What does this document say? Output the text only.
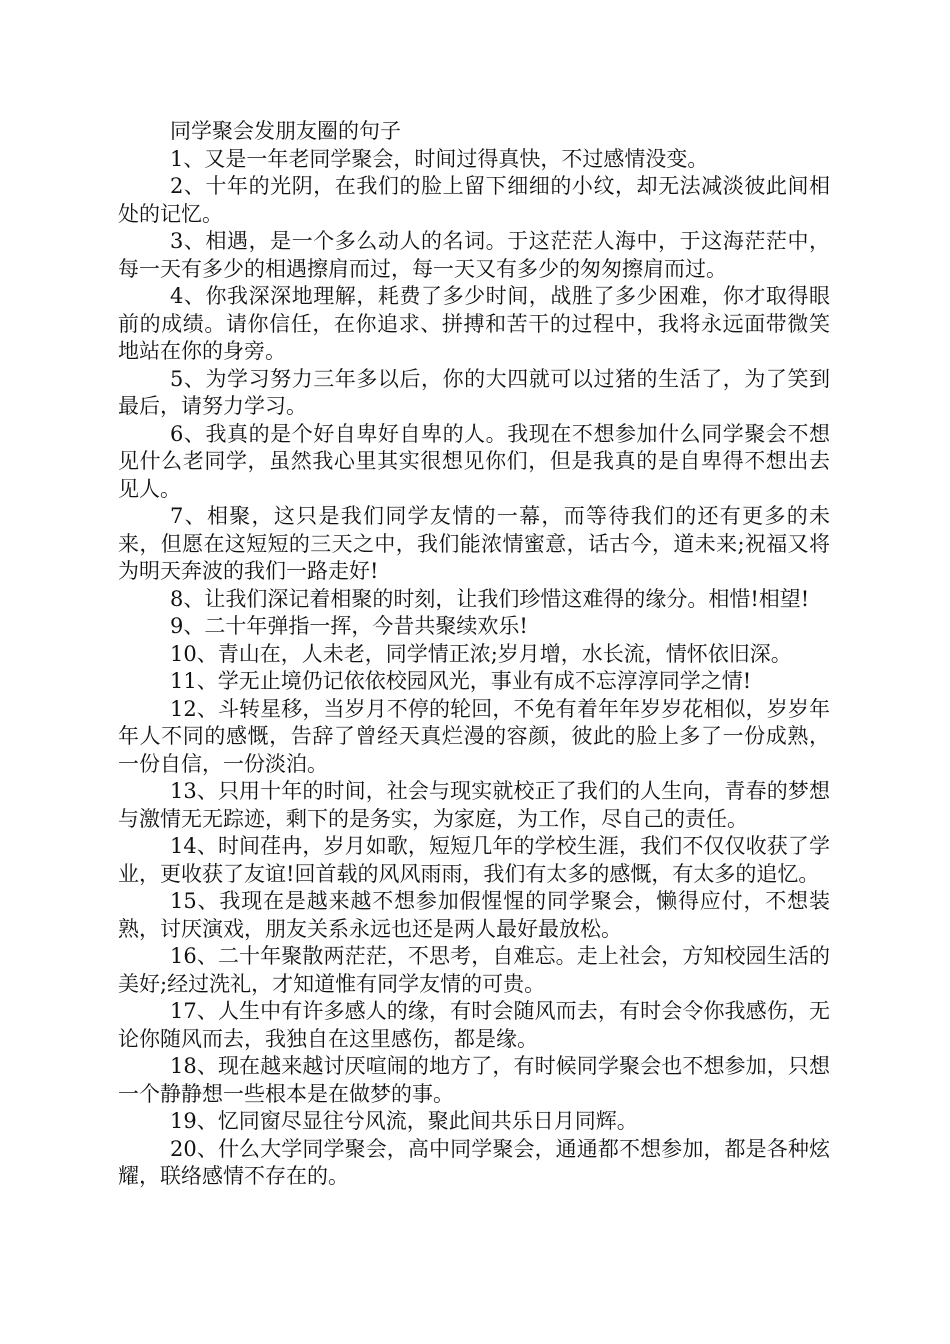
同学聚会发朋友圈的句子

1、又是一年老同学聚会，时间过得真快，不过感情没变。

2、十年的光阴，在我们的脸上留下细细的小纹，却无法减淡彼此间相处的记忆。

3、相遇，是一个多么动人的名词。于这茫茫人海中，于这海茫茫中，每一天有多少的相遇擦肩而过，每一天又有多少的匆匆擦肩而过。

4、你我深深地理解，耗费了多少时间，战胜了多少困难，你才取得眼前的成绩。请你信任，在你追求、拼搏和苦干的过程中，我将永远面带微笑地站在你的身旁。

5、为学习努力三年多以后，你的大四就可以过猪的生活了，为了笑到最后，请努力学习。

6、我真的是个好自卑好自卑的人。我现在不想参加什么同学聚会不想见什么老同学，虽然我心里其实很想见你们，但是我真的是自卑得不想出去见人。

7、相聚，这只是我们同学友情的一幕，而等待我们的还有更多的未来，但愿在这短短的三天之中，我们能浓情蜜意，话古今，道未来;祝福又将为明天奔波的我们一路走好!

8、让我们深记着相聚的时刻，让我们珍惜这难得的缘分。相惜!相望!

9、二十年弹指一挥，今昔共聚续欢乐!

10、青山在，人未老，同学情正浓;岁月增，水长流，情怀依旧深。

11、学无止境仍记依依校园风光，事业有成不忘淳淳同学之情!

12、斗转星移，当岁月不停的轮回，不免有着年年岁岁花相似，岁岁年年人不同的感慨，告辞了曾经天真烂漫的容颜，彼此的脸上多了一份成熟，一份自信，一份淡泊。

13、只用十年的时间，社会与现实就校正了我们的人生向，青春的梦想与激情无无踪迹，剩下的是务实，为家庭，为工作，尽自己的责任。

14、时间荏冉，岁月如歌，短短几年的学校生涯，我们不仅仅收获了学业，更收获了友谊!回首载的风风雨雨，我们有太多的感慨，有太多的追忆。

15、我现在是越来越不想参加假惺惺的同学聚会，懒得应付，不想装熟，讨厌演戏，朋友关系永远也还是两人最好最放松。

16、二十年聚散两茫茫，不思考，自难忘。走上社会，方知校园生活的美好;经过洗礼，才知道惟有同学友情的可贵。

17、人生中有许多感人的缘，有时会随风而去，有时会令你我感伤，无论你随风而去，我独自在这里感伤，都是缘。

18、现在越来越讨厌喧闹的地方了，有时候同学聚会也不想参加，只想一个静静想一些根本是在做梦的事。

19、忆同窗尽显往兮风流，聚此间共乐日月同辉。

20、什么大学同学聚会，高中同学聚会，通通都不想参加，都是各种炫耀，联络感情不存在的。
